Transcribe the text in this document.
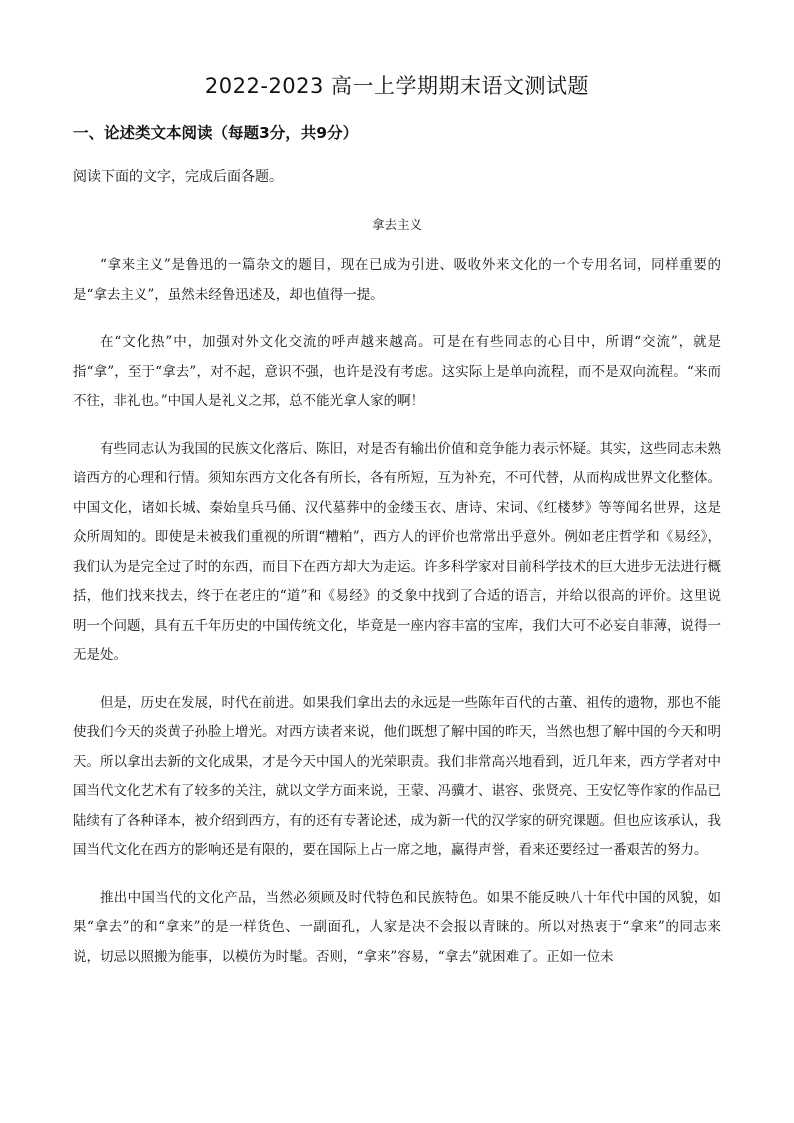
2022-2023 高一上学期期末语文测试题
一、论述类文本阅读（每题3分，共9分）

阅读下面的文字，完成后面各题。

拿去主义

“拿来主义”是鲁迅的一篇杂文的题目，现在已成为引进、吸收外来文化的一个专用名词，同样重要的是“拿去主义”，虽然未经鲁迅述及，却也值得一提。

在“文化热”中，加强对外文化交流的呼声越来越高。可是在有些同志的心目中，所谓“交流”，就是指“拿”，至于“拿去”，对不起，意识不强，也许是没有考虑。这实际上是单向流程，而不是双向流程。“来而不往，非礼也。”中国人是礼义之邦，总不能光拿人家的啊！

有些同志认为我国的民族文化落后、陈旧，对是否有输出价值和竞争能力表示怀疑。其实，这些同志未熟谙西方的心理和行情。须知东西方文化各有所长，各有所短，互为补充，不可代替，从而构成世界文化整体。中国文化，诸如长城、秦始皇兵马俑、汉代墓葬中的金缕玉衣、唐诗、宋词、《红楼梦》等等闻名世界，这是众所周知的。即使是未被我们重视的所谓“糟粕”，西方人的评价也常常出乎意外。例如老庄哲学和《易经》，我们认为是完全过了时的东西，而目下在西方却大为走运。许多科学家对目前科学技术的巨大进步无法进行概括，他们找来找去，终于在老庄的“道”和《易经》的爻象中找到了合适的语言，并给以很高的评价。这里说明一个问题，具有五千年历史的中国传统文化，毕竟是一座内容丰富的宝库，我们大可不必妄自菲薄，说得一无是处。

但是，历史在发展，时代在前进。如果我们拿出去的永远是一些陈年百代的古董、祖传的遗物，那也不能使我们今天的炎黄子孙脸上增光。对西方读者来说，他们既想了解中国的昨天，当然也想了解中国的今天和明天。所以拿出去新的文化成果，才是今天中国人的光荣职责。我们非常高兴地看到，近几年来，西方学者对中国当代文化艺术有了较多的关注，就以文学方面来说，王蒙、冯骥才、谌容、张贤亮、王安忆等作家的作品已陆续有了各种译本，被介绍到西方，有的还有专著论述，成为新一代的汉学家的研究课题。但也应该承认，我国当代文化在西方的影响还是有限的，要在国际上占一席之地，赢得声誉，看来还要经过一番艰苦的努力。

推出中国当代的文化产品，当然必须顾及时代特色和民族特色。如果不能反映八十年代中国的风貌，如果“拿去”的和“拿来”的是一样货色、一副面孔，人家是决不会报以青睐的。所以对热衷于“拿来”的同志来说，切忌以照搬为能事，以模仿为时髦。否则，“拿来”容易，“拿去”就困难了。正如一位未
